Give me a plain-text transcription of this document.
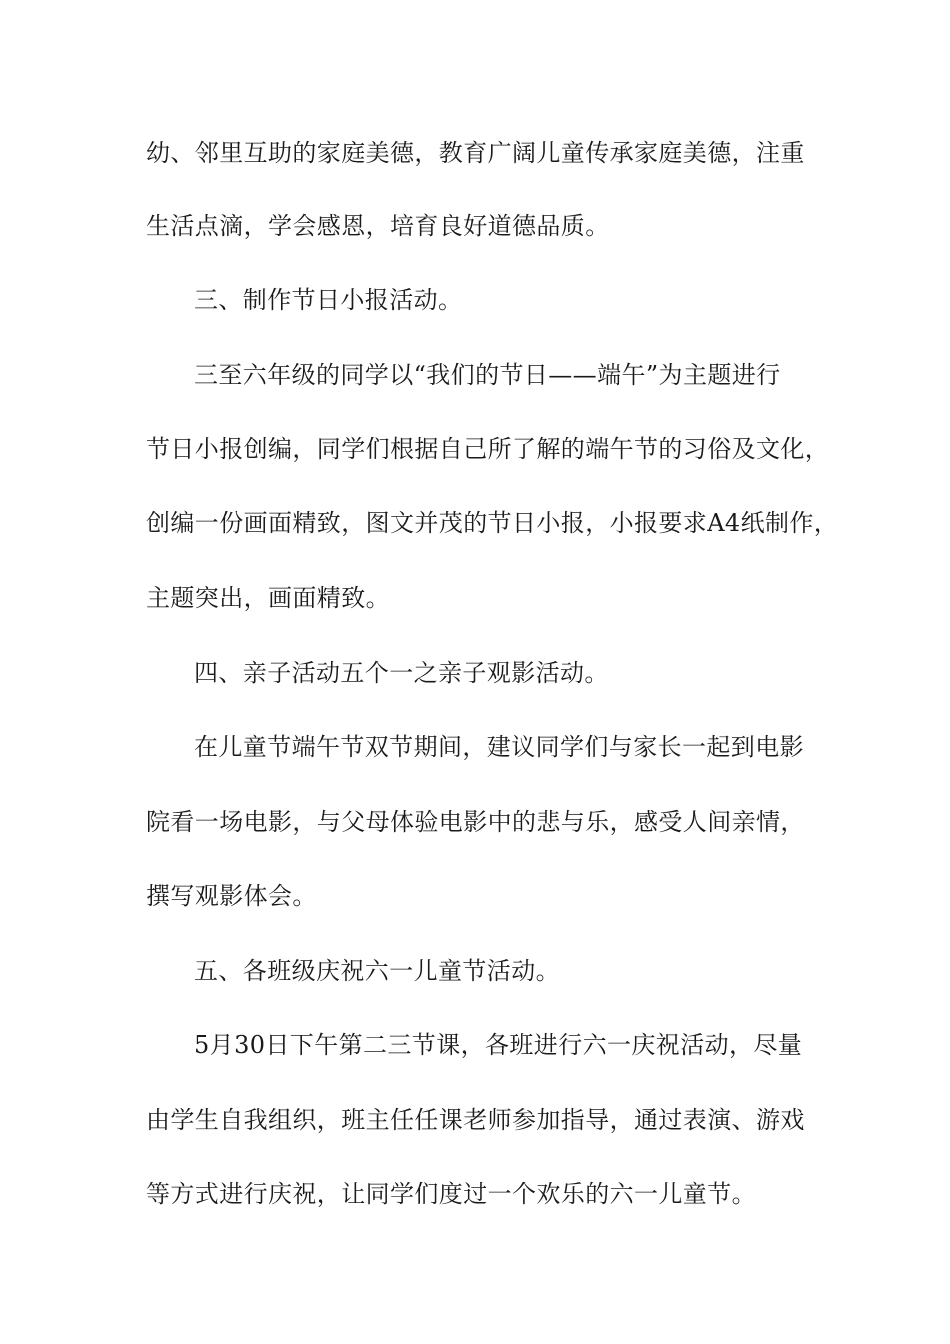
幼、邻里互助的家庭美德，教育广阔儿童传承家庭美德，注重
生活点滴，学会感恩，培育良好道德品质。
三、制作节日小报活动。
三至六年级的同学以“我们的节日——端午”为主题进行
节日小报创编，同学们根据自己所了解的端午节的习俗及文化，
创编一份画面精致，图文并茂的节日小报，小报要求A4纸制作，
主题突出，画面精致。
四、亲子活动五个一之亲子观影活动。
在儿童节端午节双节期间，建议同学们与家长一起到电影
院看一场电影，与父母体验电影中的悲与乐，感受人间亲情，
撰写观影体会。
五、各班级庆祝六一儿童节活动。
5月30日下午第二三节课，各班进行六一庆祝活动，尽量
由学生自我组织，班主任任课老师参加指导，通过表演、游戏
等方式进行庆祝，让同学们度过一个欢乐的六一儿童节。
